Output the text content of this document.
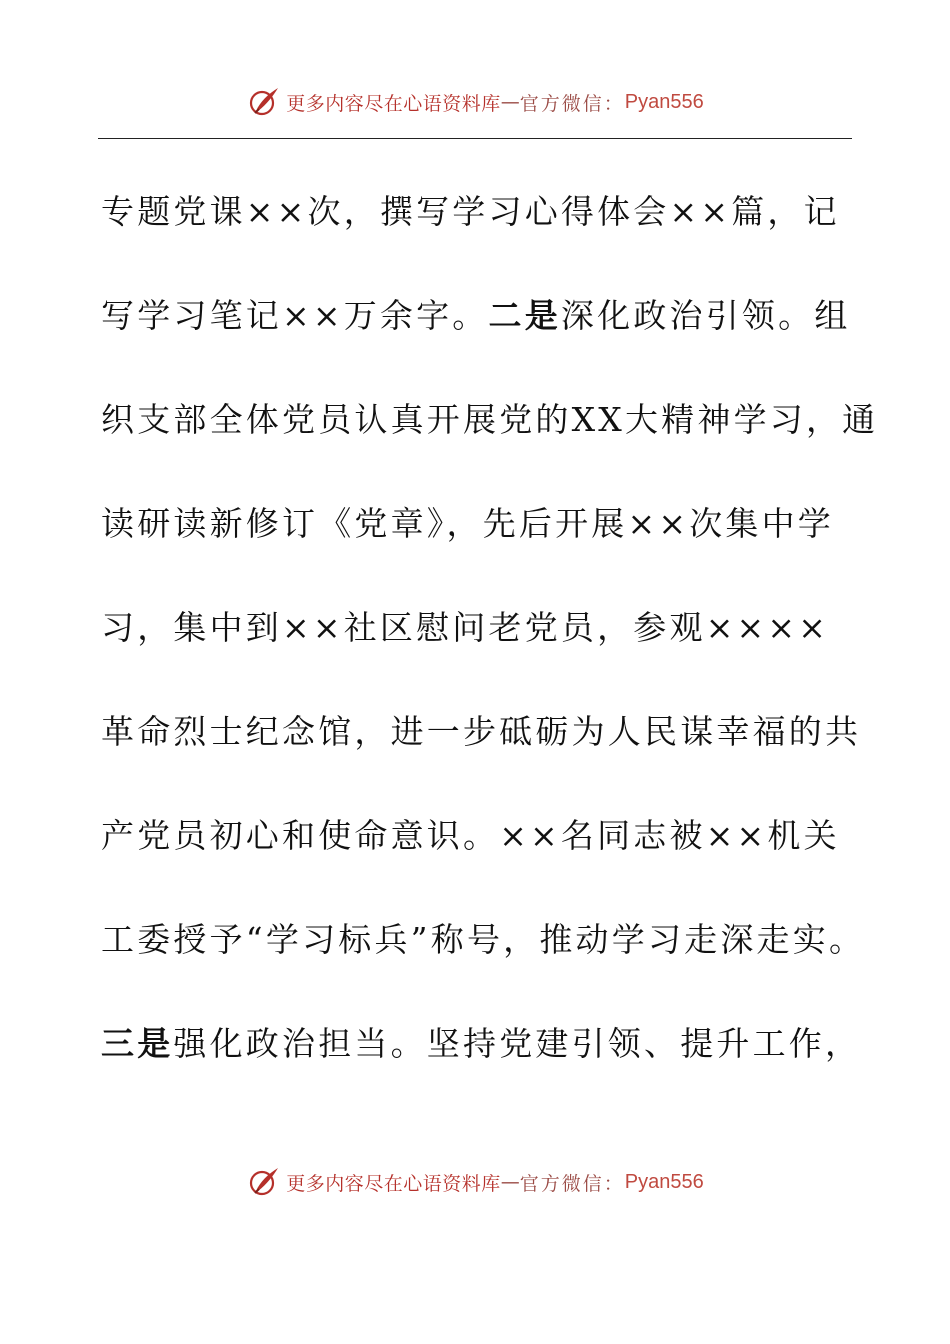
更多内容尽在心语资料库 — 官方微信： Pyan556
专题党课××次，撰写学习心得体会××篇，记
写学习笔记××万余字。二是深化政治引领。组
织支部全体党员认真开展党的XX大精神学习，通
读研读新修订《党章》，先后开展××次集中学
习，集中到××社区慰问老党员，参观××××
革命烈士纪念馆，进一步砥砺为人民谋幸福的共
产党员初心和使命意识。××名同志被××机关
工委授予“学习标兵”称号，推动学习走深走实。
三是强化政治担当。坚持党建引领、提升工作，
更多内容尽在心语资料库 — 官方微信： Pyan556
